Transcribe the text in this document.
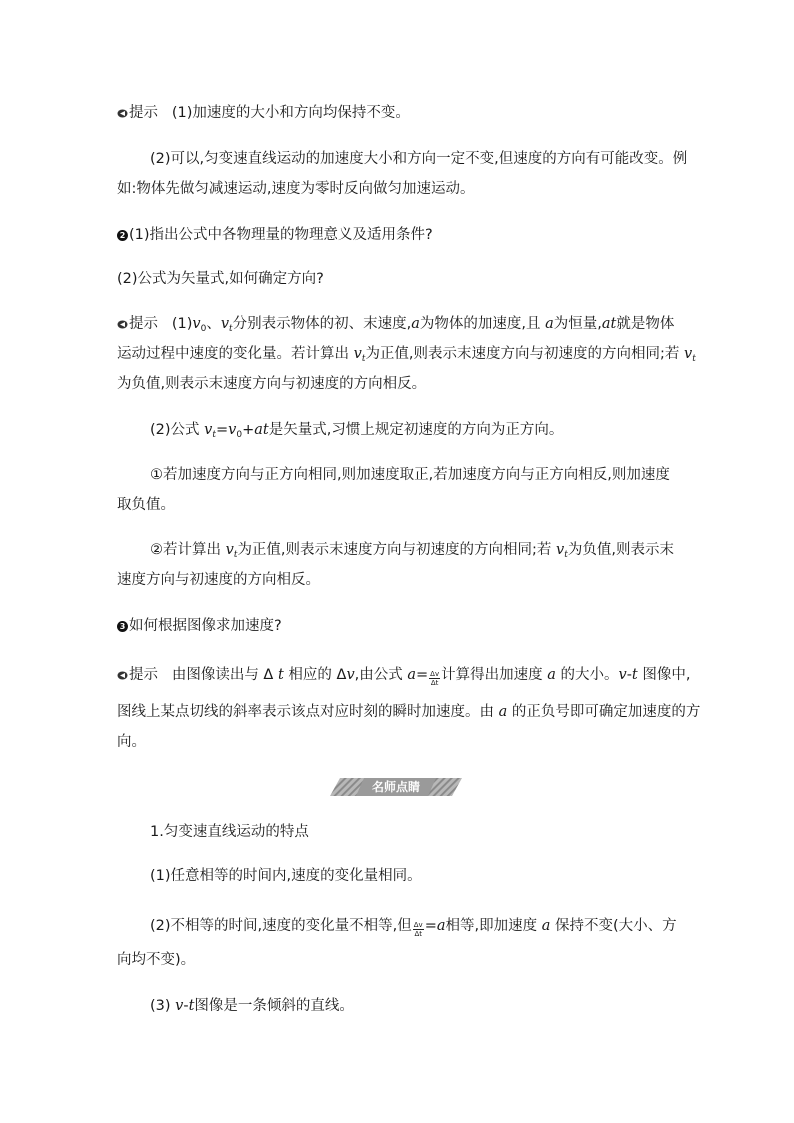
提示 (1)加速度的大小和方向均保持不变。
(2)可以,匀变速直线运动的加速度大小和方向一定不变,但速度的方向有可能改变。例
如:物体先做匀减速运动,速度为零时反向做匀加速运动。
2 (1)指出公式中各物理量的物理意义及适用条件?
(2)公式为矢量式,如何确定方向?
提示 $(1)v_0$、$v_t$分别表示物体的初、末速度,a为物体的加速度,且 a为恒量,at就是物体
运动过程中速度的变化量。若计算出 $v_t$为正值,则表示末速度方向与初速度的方向相同;若 $v_t$
为负值,则表示末速度方向与初速度的方向相反。
(2)公式 $v_t=v_0+at$是矢量式,习惯上规定初速度的方向为正方向。
①若加速度方向与正方向相同,则加速度取正,若加速度方向与正方向相反,则加速度
取负值。
②若计算出 $v_t$为正值,则表示末速度方向与初速度的方向相同;若 $v_t$为负值,则表示末
速度方向与初速度的方向相反。
3 如何根据图像求加速度?
提示 由图像读出与 Δ t 相应的 Δv,由公式 $a= \frac{\Delta v}{\Delta t}$ 计算得出加速度 a 的大小。v-t 图像中,
图线上某点切线的斜率表示该点对应时刻的瞬时加速度。由 a 的正负号即可确定加速度的方
向。
名师点睛
1.匀变速直线运动的特点
(1)任意相等的时间内,速度的变化量相同。
(2)不相等的时间,速度的变化量不相等,但 $\frac{\Delta v}{\Delta t} =a$相等,即加速度 a 保持不变(大小、方
向均不变)。
(3) v-t图像是一条倾斜的直线。
